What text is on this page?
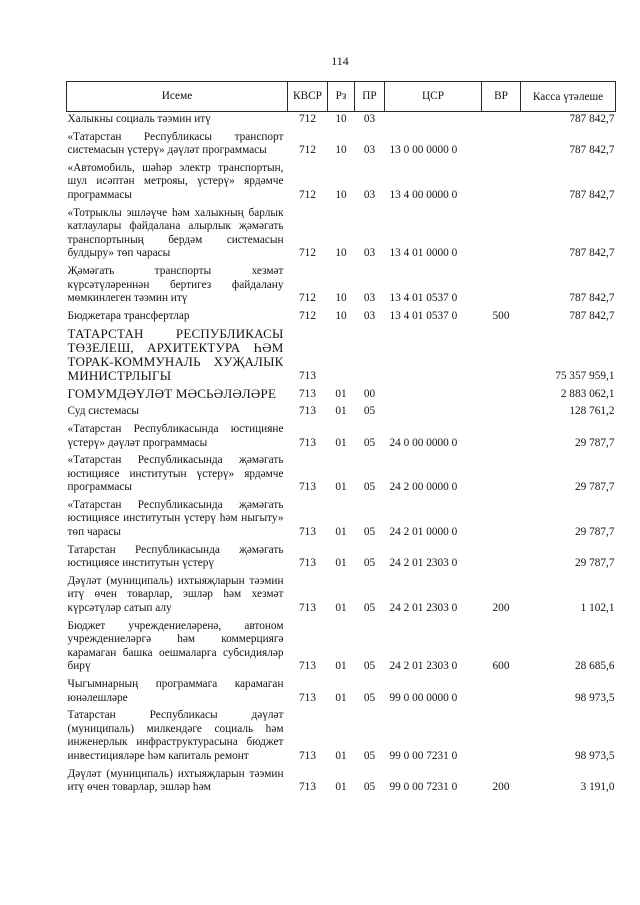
114
Исеме	КВСР	Рз	ПР	ЦСР	ВР	Касса үтәлеше
Халыкны социаль тәэмин итү	712	10	03			787 842,7
«Татарстан Республикасы транспорт системасын үстерү» дәүләт программасы	712	10	03	13 0 00 0000 0		787 842,7
«Автомобиль, шәһәр электр транспортын, шул исәптән метрояы, үстерү» ярдәмче программасы	712	10	03	13 4 00 0000 0		787 842,7
«Тотрыклы эшләүче һәм халыкның барлык катлаулары файдалана алырлык җәмәгать транспортының бердәм системасын булдыру» төп чарасы	712	10	03	13 4 01 0000 0		787 842,7
Җәмәгать транспорты хезмәт күрсәтүләреннән бертигез файдалану мөмкинлеген тәэмин итү	712	10	03	13 4 01 0537 0		787 842,7
Бюджетара трансфертлар	712	10	03	13 4 01 0537 0	500	787 842,7
ТАТАРСТАН РЕСПУБЛИКАСЫ ТӨЗЕЛЕШ, АРХИТЕКТУРА ҺӘМ ТОРАК-КОММУНАЛЬ ХУҖАЛЫК МИНИСТРЛЫГЫ	713					75 357 959,1
ГОМУМДӘҮЛӘТ МӘСЬӘЛӘЛӘРЕ	713	01	00			2 883 062,1
Суд системасы	713	01	05			128 761,2
«Татарстан Республикасында юстицияне үстерү» дәүләт программасы	713	01	05	24 0 00 0000 0		29 787,7
«Татарстан Республикасында җәмәгать юстициясе институтын үстерү» ярдәмче программасы	713	01	05	24 2 00 0000 0		29 787,7
«Татарстан Республикасында җәмәгать юстициясе институтын үстерү һәм ныгыту» төп чарасы	713	01	05	24 2 01 0000 0		29 787,7
Татарстан Республикасында җәмәгать юстициясе институтын үстерү	713	01	05	24 2 01 2303 0		29 787,7
Дәүләт (муниципаль) ихтыяҗларын тәэмин итү өчен товарлар, эшләр һәм хезмәт күрсәтүләр сатып алу	713	01	05	24 2 01 2303 0	200	1 102,1
Бюджет учреждениеләренә, автоном учреждениеләргә һәм коммерциягә карамаган башка оешмаларга субсидияләр бирү	713	01	05	24 2 01 2303 0	600	28 685,6
Чыгымнарның программага карамаган юнәлешләре	713	01	05	99 0 00 0000 0		98 973,5
Татарстан Республикасы дәүләт (муниципаль) милкендәге социаль һәм инженерлык инфраструктурасына бюджет инвестицияләре һәм капиталь ремонт	713	01	05	99 0 00 7231 0		98 973,5
Дәүләт (муниципаль) ихтыяҗларын тәэмин итү өчен товарлар, эшләр һәм	713	01	05	99 0 00 7231 0	200	3 191,0
